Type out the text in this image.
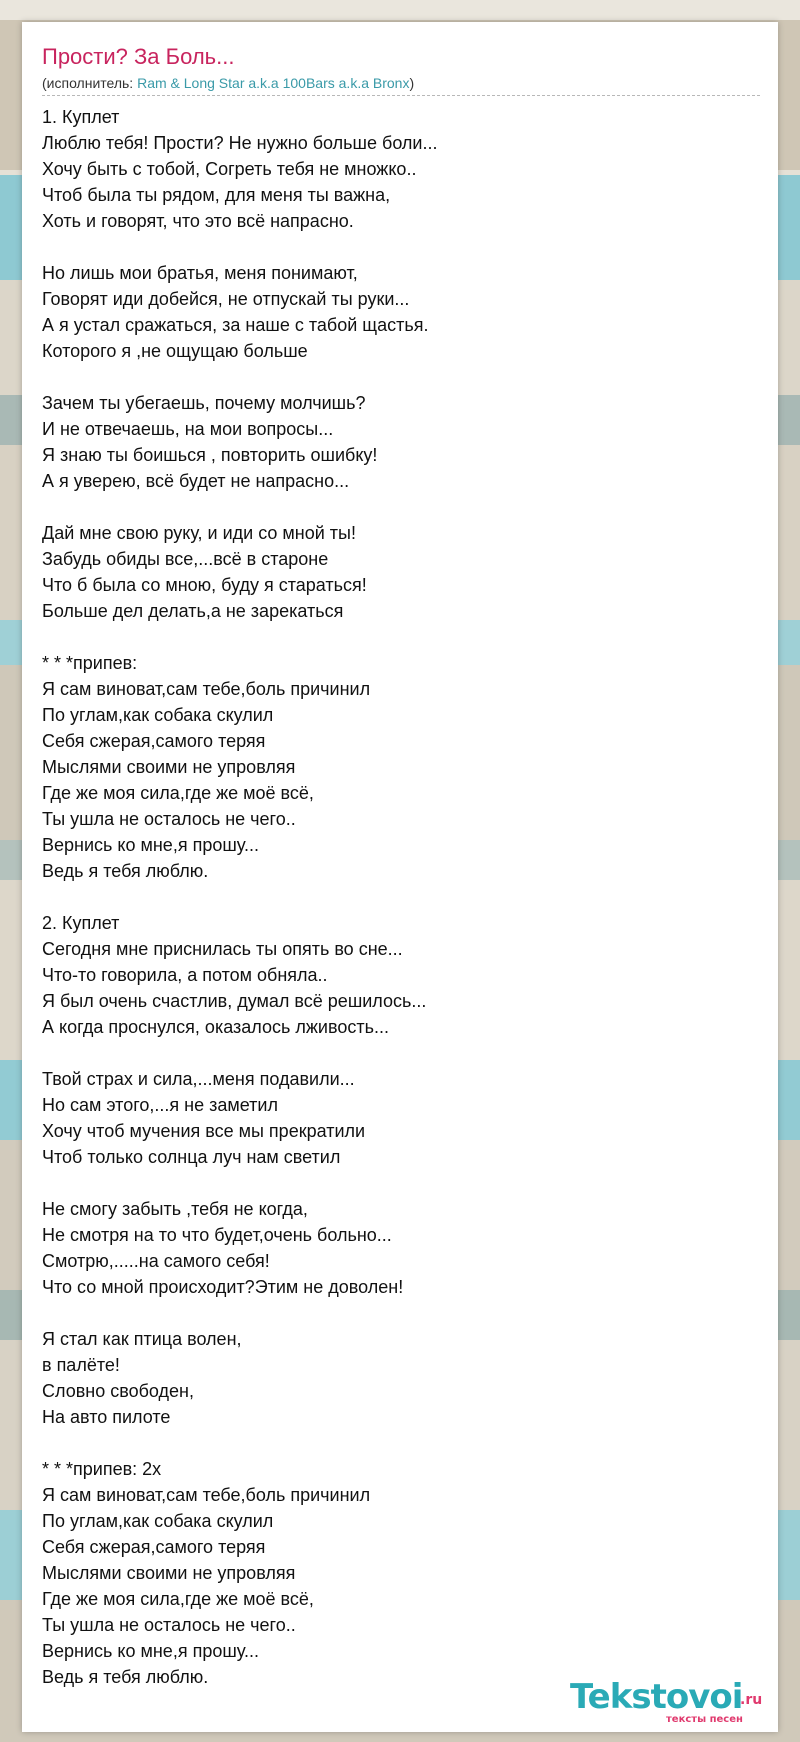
Прости? За Боль...
(исполнитель: Ram & Long Star a.k.a 100Bars a.k.a Bronx)
1. Куплет
Люблю тебя! Прости? Не нужно больше боли...
Хочу быть с тобой, Согреть тебя не множко..
Чтоб была ты рядом, для меня ты важна,
Хоть и говорят, что это всё напрасно.
Но лишь мои братья, меня понимают,
Говорят иди добейся, не отпускай ты руки...
А я устал сражаться, за наше с табой щастья.
Которого я ,не ощущаю больше
Зачем ты убегаешь, почему молчишь?
И не отвечаешь, на мои вопросы...
Я знаю ты боишься , повторить ошибку!
А я уверею, всё будет не напрасно...
Дай мне свою руку, и иди со мной ты!
Забудь обиды все,...всё в староне
Что б была со мною, буду я стараться!
Больше дел делать,а не зарекаться
* * *припев:
Я сам виноват,сам тебе,боль причинил
По углам,как собака скулил
Себя сжерая,самого теряя
Мыслями своими не упровляя
Где же моя сила,где же моё всё,
Ты ушла не осталось не чего..
Вернись ко мне,я прошу...
Ведь я тебя люблю.
2. Куплет
Сегодня мне приснилась ты опять во сне...
Что-то говорила, а потом обняла..
Я был очень счастлив, думал всё решилось...
А когда проснулся, оказалось лживость...
Твой страх и сила,...меня подавили...
Но сам этого,...я не заметил
Хочу чтоб мучения все мы прекратили
Чтоб только солнца луч нам светил
Не смогу забыть ,тебя не когда,
Не смотря на то что будет,очень больно...
Смотрю,.....на самого себя!
Что со мной происходит?Этим не доволен!
Я стал как птица волен,
в палёте!
Словно свободен,
На авто пилоте
* * *припев: 2х
Я сам виноват,сам тебе,боль причинил
По углам,как собака скулил
Себя сжерая,самого теряя
Мыслями своими не упровляя
Где же моя сила,где же моё всё,
Ты ушла не осталось не чего..
Вернись ко мне,я прошу...
Ведь я тебя люблю.	Tekstovoi
.ru
тексты песен
